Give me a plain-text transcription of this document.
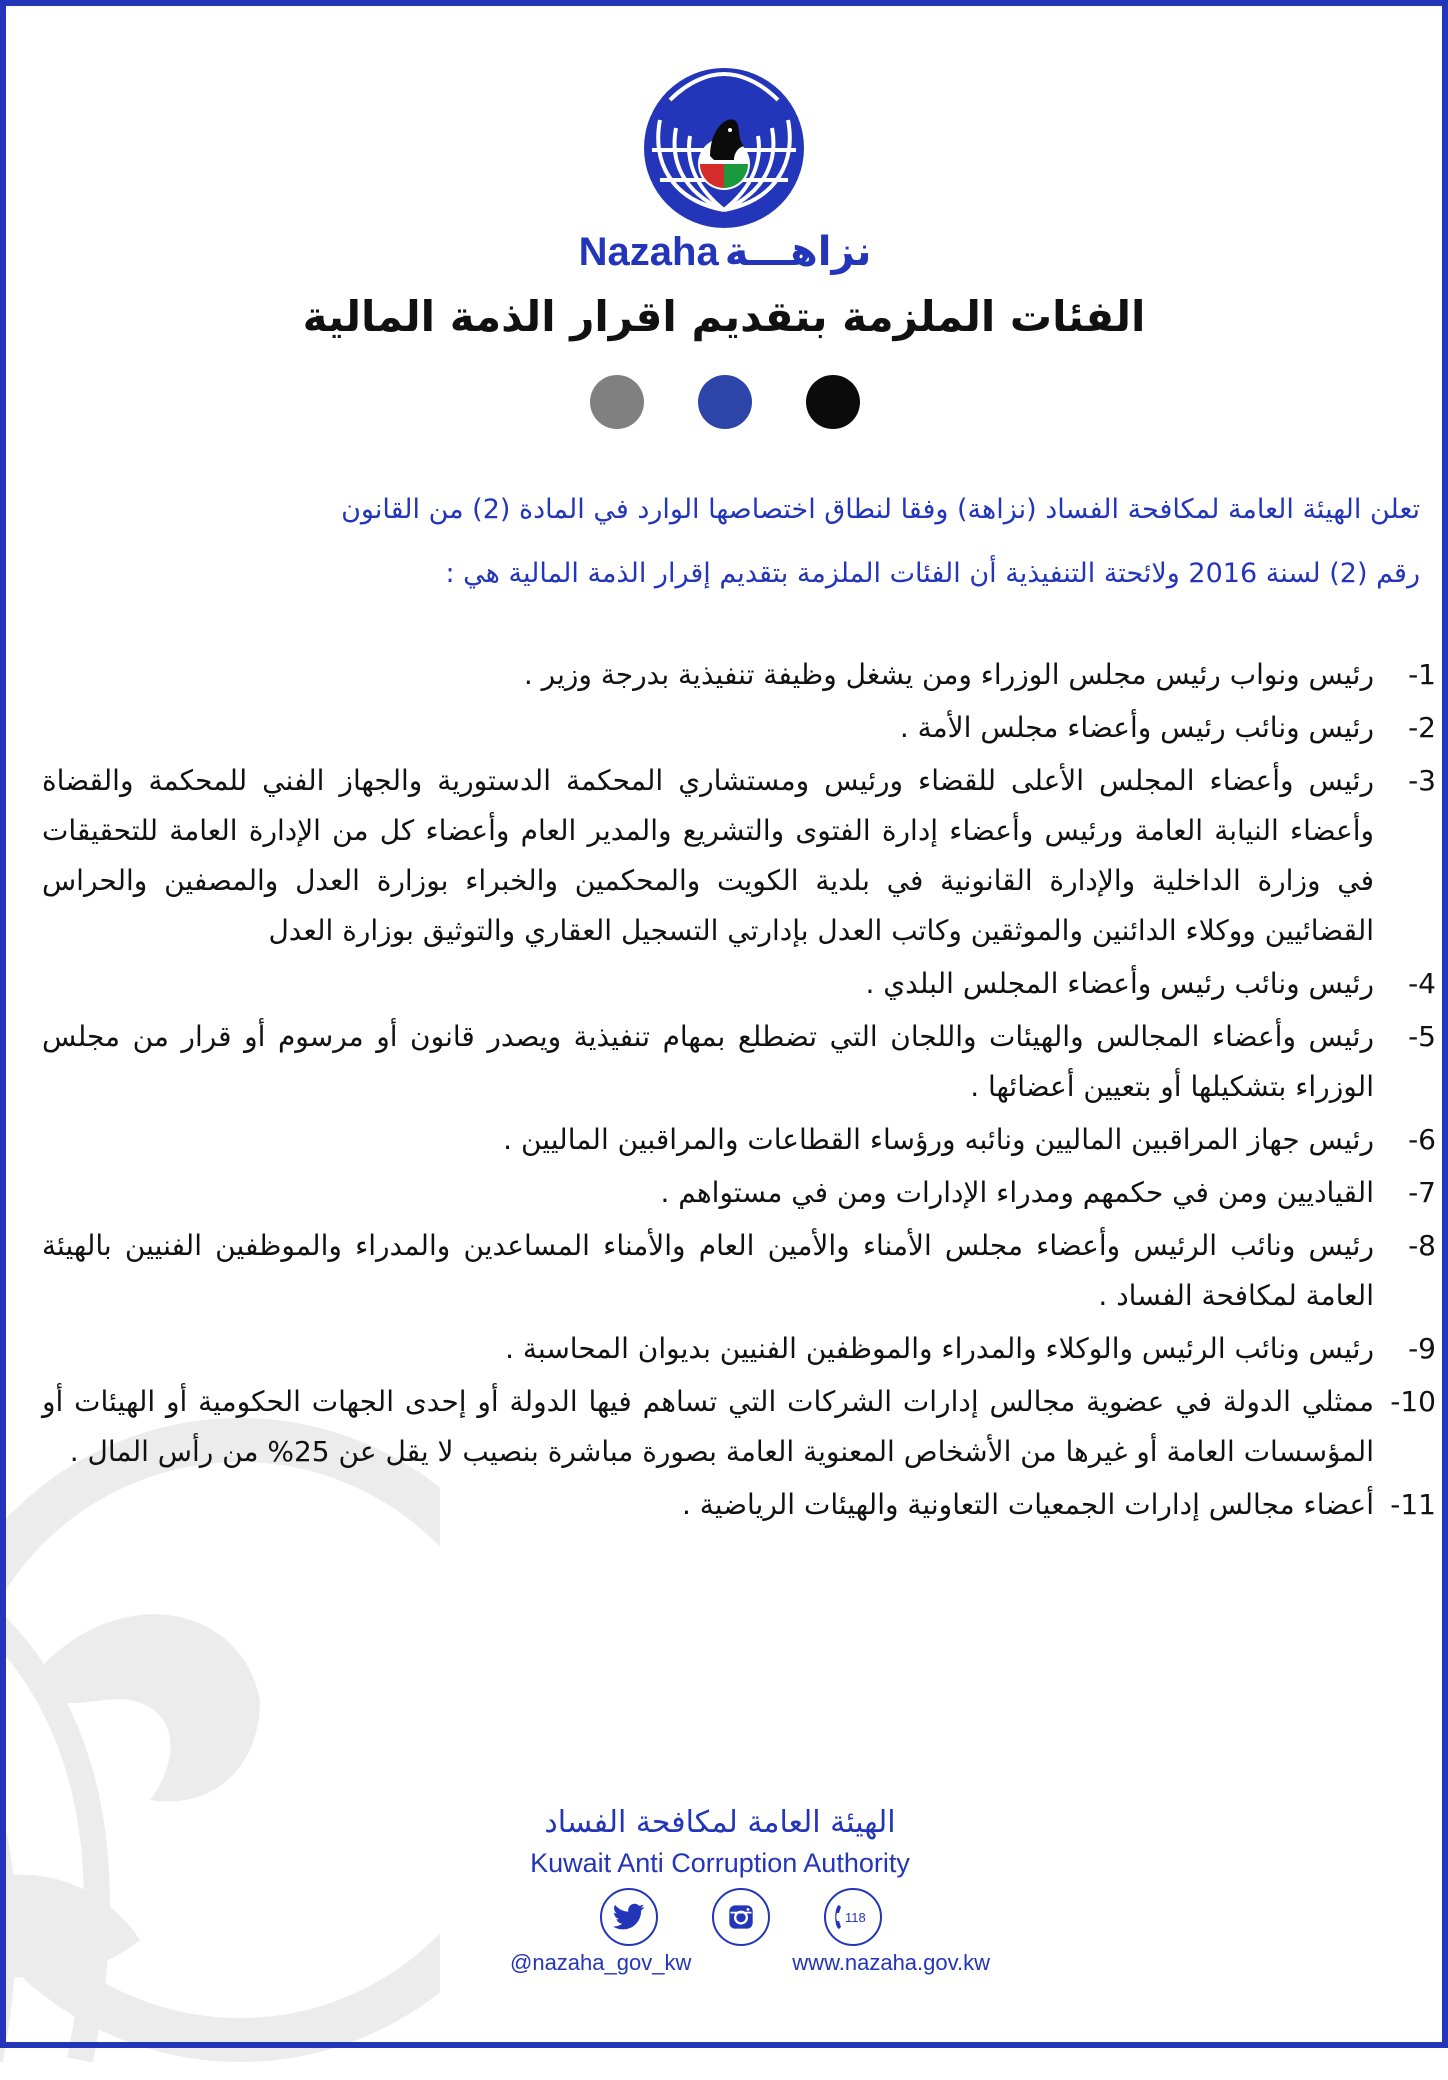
Nazaha نزاهـــة
الفئات الملزمة بتقديم اقرار الذمة المالية
تعلن الهيئة العامة لمكافحة الفساد (نزاهة) وفقا لنطاق اختصاصها الوارد في المادة (2) من القانون
رقم (2) لسنة 2016 ولائحتة التنفيذية أن الفئات الملزمة بتقديم إقرار الذمة المالية هي :
1-
رئيس ونواب رئيس مجلس الوزراء ومن يشغل وظيفة تنفيذية بدرجة وزير .
2-
رئيس ونائب رئيس وأعضاء مجلس الأمة .
3-
رئيس وأعضاء المجلس الأعلى للقضاء ورئيس ومستشاري المحكمة الدستورية والجهاز الفني للمحكمة والقضاة وأعضاء النيابة العامة ورئيس وأعضاء إدارة الفتوى والتشريع والمدير العام وأعضاء كل من الإدارة العامة للتحقيقات في وزارة الداخلية والإدارة القانونية في بلدية الكويت والمحكمين والخبراء بوزارة العدل والمصفين والحراس القضائيين ووكلاء الدائنين والموثقين وكاتب العدل بإدارتي التسجيل العقاري والتوثيق بوزارة العدل
4-
رئيس ونائب رئيس وأعضاء المجلس البلدي .
5-
رئيس وأعضاء المجالس والهيئات واللجان التي تضطلع بمهام تنفيذية ويصدر قانون أو مرسوم أو قرار من مجلس الوزراء بتشكيلها أو بتعيين أعضائها .
6-
رئيس جهاز المراقبين الماليين ونائبه ورؤساء القطاعات والمراقبين الماليين .
7-
القياديين ومن في حكمهم ومدراء الإدارات ومن في مستواهم .
8-
رئيس ونائب الرئيس وأعضاء مجلس الأمناء والأمين العام والأمناء المساعدين والمدراء والموظفين الفنيين بالهيئة العامة لمكافحة الفساد .
9-
رئيس ونائب الرئيس والوكلاء والمدراء والموظفين الفنيين بديوان المحاسبة .
10-
ممثلي الدولة في عضوية مجالس إدارات الشركات التي تساهم فيها الدولة أو إحدى الجهات الحكومية أو الهيئات أو المؤسسات العامة أو غيرها من الأشخاص المعنوية العامة بصورة مباشرة بنصيب لا يقل عن 25% من رأس المال .
11-
أعضاء مجالس إدارات الجمعيات التعاونية والهيئات الرياضية .
الهيئة العامة لمكافحة الفساد
Kuwait Anti Corruption Authority
118
@nazaha_gov_kw	www.nazaha.gov.kw
